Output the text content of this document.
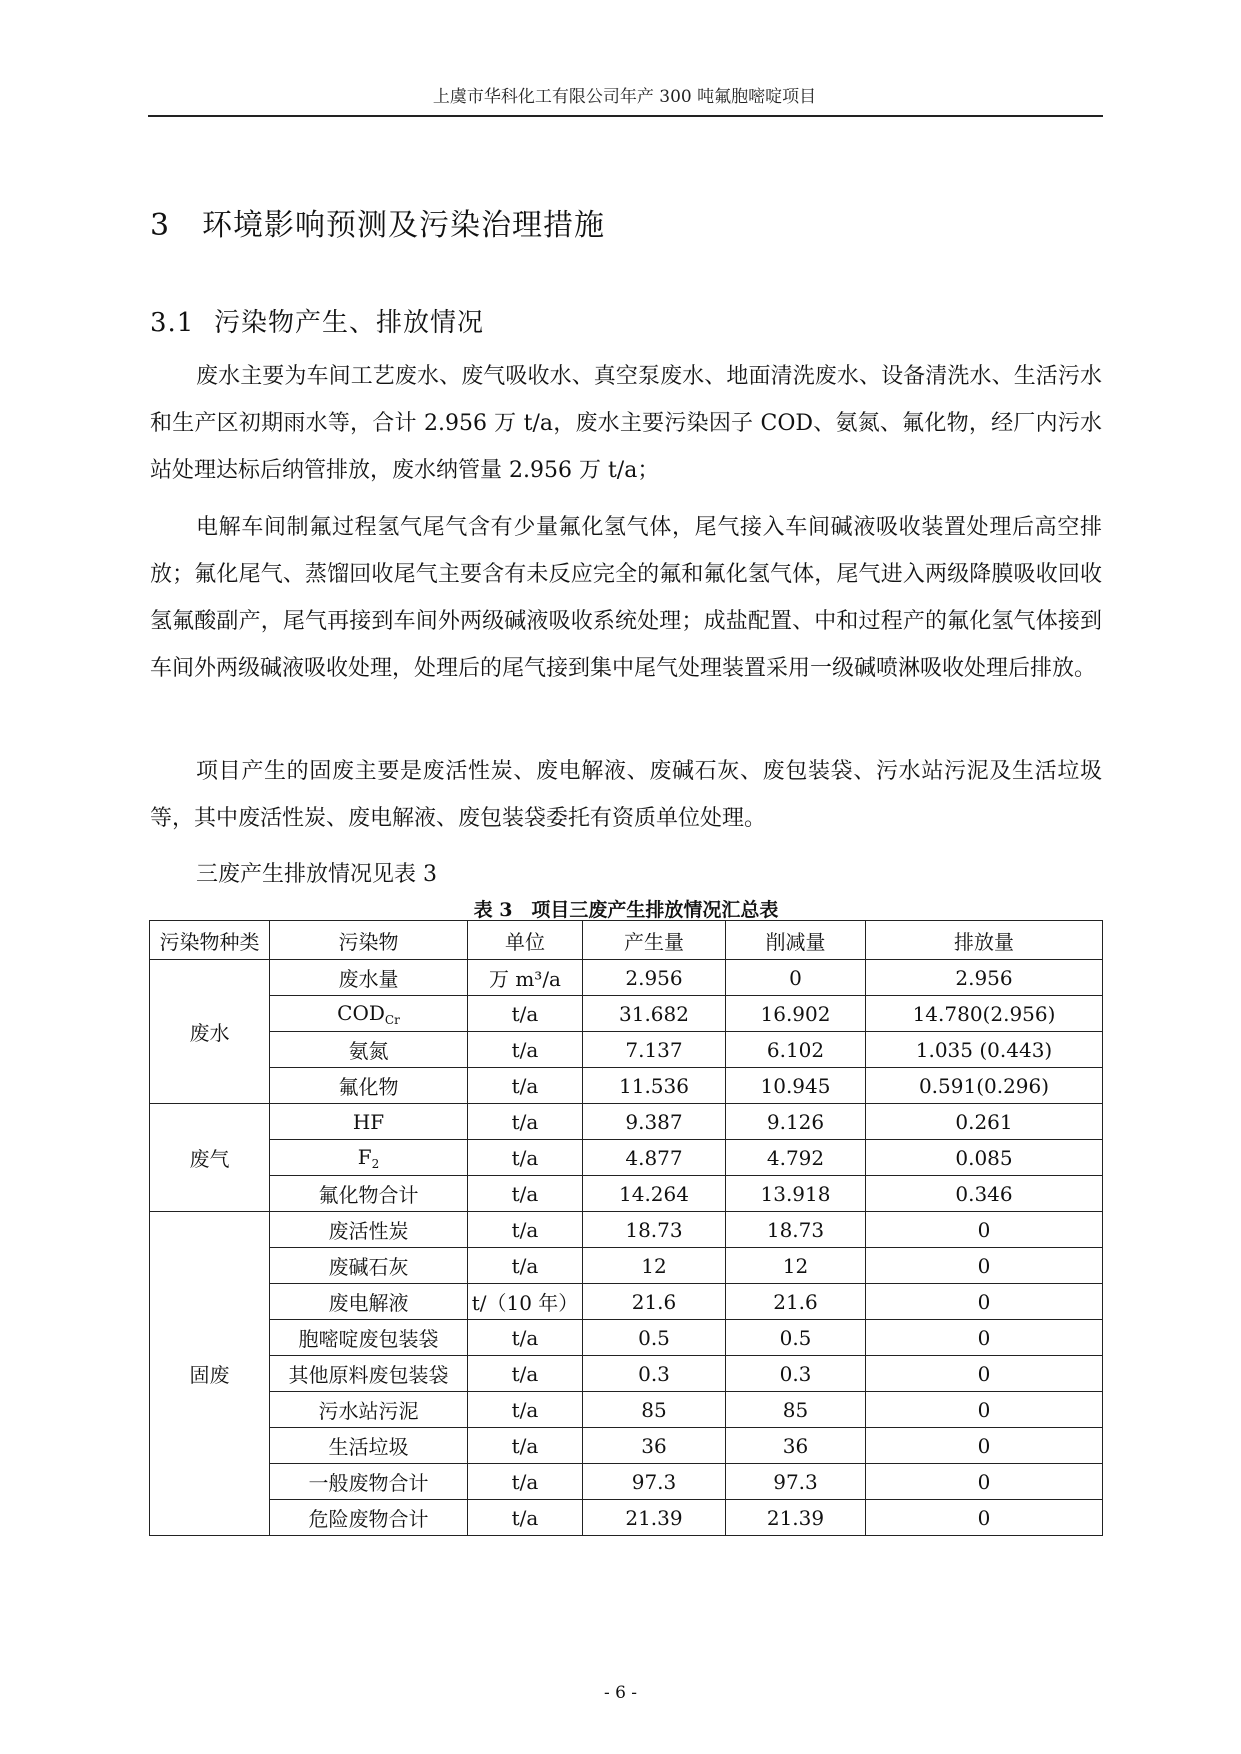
上虞市华科化工有限公司年产 300 吨氟胞嘧啶项目
3 环境影响预测及污染治理措施
3.1 污染物产生、排放情况

废水主要为车间工艺废水、废气吸收水、真空泵废水、地面清洗废水、设备清洗水、生活污水和生产区初期雨水等，合计 2.956 万 t/a，废水主要污染因子 COD、氨氮、氟化物，经厂内污水站处理达标后纳管排放，废水纳管量 2.956 万 t/a；

电解车间制氟过程氢气尾气含有少量氟化氢气体，尾气接入车间碱液吸收装置处理后高空排放；氟化尾气、蒸馏回收尾气主要含有未反应完全的氟和氟化氢气体，尾气进入两级降膜吸收回收氢氟酸副产，尾气再接到车间外两级碱液吸收系统处理；成盐配置、中和过程产的氟化氢气体接到车间外两级碱液吸收处理，处理后的尾气接到集中尾气处理装置采用一级碱喷淋吸收处理后排放。

项目产生的固废主要是废活性炭、废电解液、废碱石灰、废包装袋、污水站污泥及生活垃圾等，其中废活性炭、废电解液、废包装袋委托有资质单位处理。

三废产生排放情况见表 3

表 3　项目三废产生排放情况汇总表
污染物种类	污染物	单位	产生量	削减量	排放量
废水	废水量	万 m³/a	2.956	0	2.956
	$COD_{Cr}$	t/a	31.682	16.902	14.780(2.956)
	氨氮	t/a	7.137	6.102	1.035 (0.443)
	氟化物	t/a	11.536	10.945	0.591(0.296)
废气	HF	t/a	9.387	9.126	0.261
	$F_2$	t/a	4.877	4.792	0.085
	氟化物合计	t/a	14.264	13.918	0.346
固废	废活性炭	t/a	18.73	18.73	0
	废碱石灰	t/a	12	12	0
	废电解液	t/（10 年）	21.6	21.6	0
	胞嘧啶废包装袋	t/a	0.5	0.5	0
	其他原料废包装袋	t/a	0.3	0.3	0
	污水站污泥	t/a	85	85	0
	生活垃圾	t/a	36	36	0
	一般废物合计	t/a	97.3	97.3	0
	危险废物合计	t/a	21.39	21.39	0
- 6 -
